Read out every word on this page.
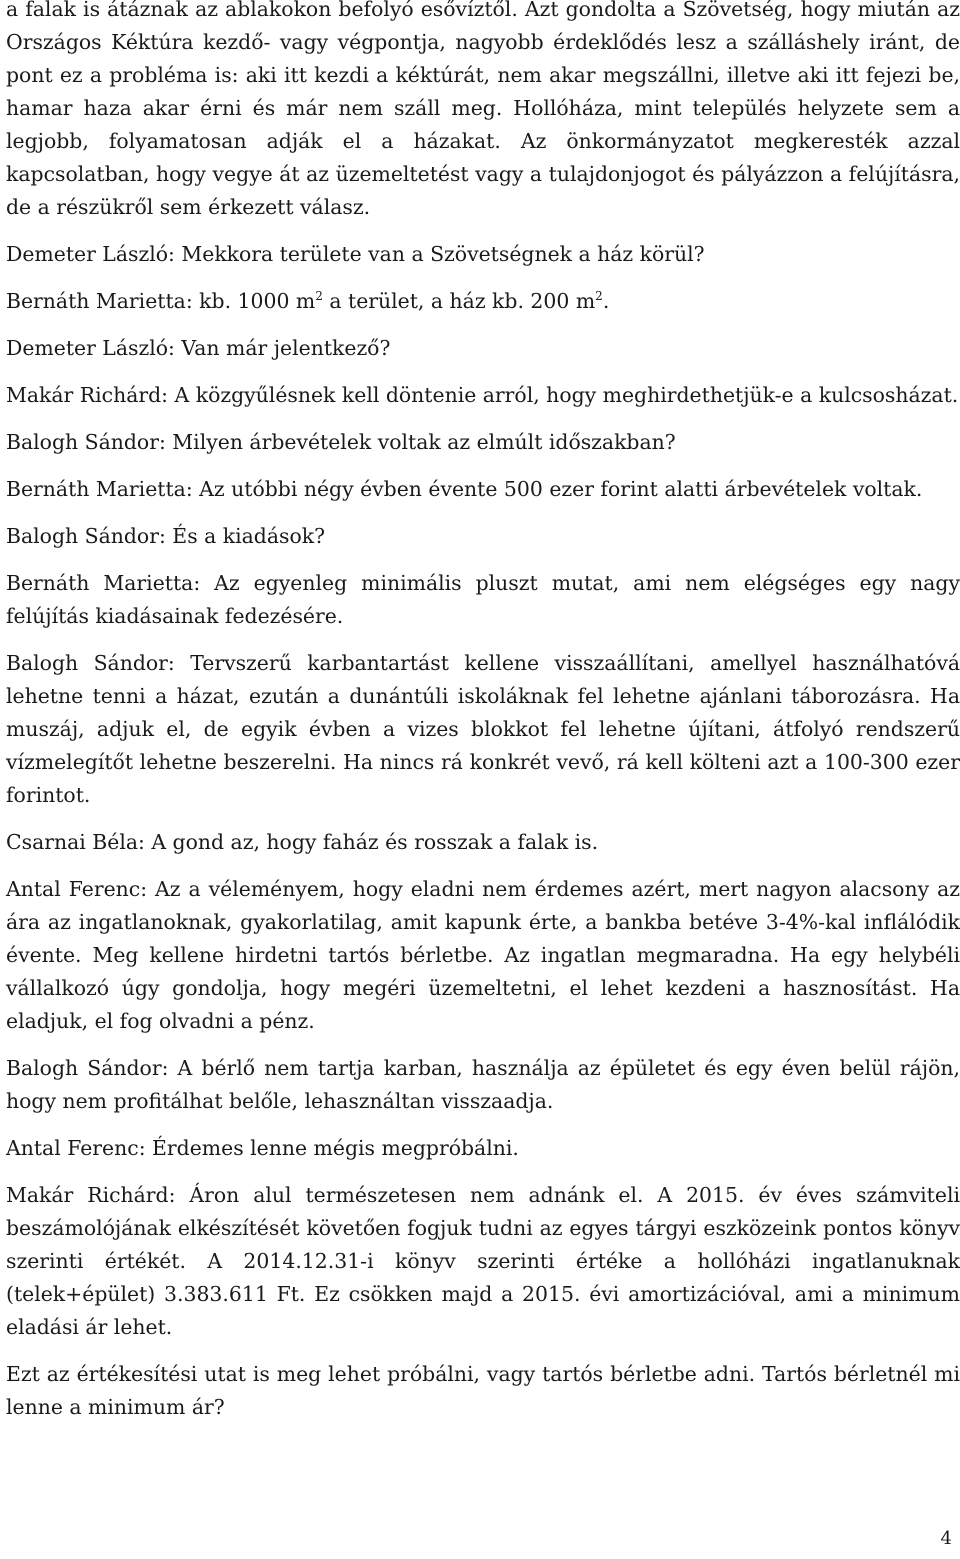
a falak is átáznak az ablakokon befolyó esővíztől. Azt gondolta a Szövetség, hogy miután az Országos Kéktúra kezdő- vagy végpontja, nagyobb érdeklődés lesz a szálláshely iránt, de pont ez a probléma is: aki itt kezdi a kéktúrát, nem akar megszállni, illetve aki itt fejezi be, hamar haza akar érni és már nem száll meg. Hollóháza, mint település helyzete sem a legjobb, folyamatosan adják el a házakat. Az önkormányzatot megkeresték azzal kapcsolatban, hogy vegye át az üzemeltetést vagy a tulajdonjogot és pályázzon a felújításra, de a részükről sem érkezett válasz.

Demeter László: Mekkora területe van a Szövetségnek a ház körül?

Bernáth Marietta: kb. 1000 $m^2$ a terület, a ház kb. 200 $m^2$.

Demeter László: Van már jelentkező?

Makár Richárd: A közgyűlésnek kell döntenie arról, hogy meghirdethetjük-e a kulcsosházat.

Balogh Sándor: Milyen árbevételek voltak az elmúlt időszakban?

Bernáth Marietta: Az utóbbi négy évben évente 500 ezer forint alatti árbevételek voltak.

Balogh Sándor: És a kiadások?

Bernáth Marietta: Az egyenleg minimális pluszt mutat, ami nem elégséges egy nagy felújítás kiadásainak fedezésére.

Balogh Sándor: Tervszerű karbantartást kellene visszaállítani, amellyel használhatóvá lehetne tenni a házat, ezután a dunántúli iskoláknak fel lehetne ajánlani táborozásra. Ha muszáj, adjuk el, de egyik évben a vizes blokkot fel lehetne újítani, átfolyó rendszerű vízmelegítőt lehetne beszerelni. Ha nincs rá konkrét vevő, rá kell költeni azt a 100-300 ezer forintot.

Csarnai Béla: A gond az, hogy faház és rosszak a falak is.

Antal Ferenc: Az a véleményem, hogy eladni nem érdemes azért, mert nagyon alacsony az ára az ingatlanoknak, gyakorlatilag, amit kapunk érte, a bankba betéve 3-4%-kal inflálódik évente. Meg kellene hirdetni tartós bérletbe. Az ingatlan megmaradna. Ha egy helybéli vállalkozó úgy gondolja, hogy megéri üzemeltetni, el lehet kezdeni a hasznosítást. Ha eladjuk, el fog olvadni a pénz.

Balogh Sándor: A bérlő nem tartja karban, használja az épületet és egy éven belül rájön, hogy nem profitálhat belőle, lehasználtan visszaadja.

Antal Ferenc: Érdemes lenne mégis megpróbálni.

Makár Richárd: Áron alul természetesen nem adnánk el. A 2015. év éves számviteli beszámolójának elkészítését követően fogjuk tudni az egyes tárgyi eszközeink pontos könyv szerinti értékét. A 2014.12.31-i könyv szerinti értéke a hollóházi ingatlanuknak (telek+épület) 3.383.611 Ft. Ez csökken majd a 2015. évi amortizációval, ami a minimum eladási ár lehet.

Ezt az értékesítési utat is meg lehet próbálni, vagy tartós bérletbe adni. Tartós bérletnél mi lenne a minimum ár?

4
